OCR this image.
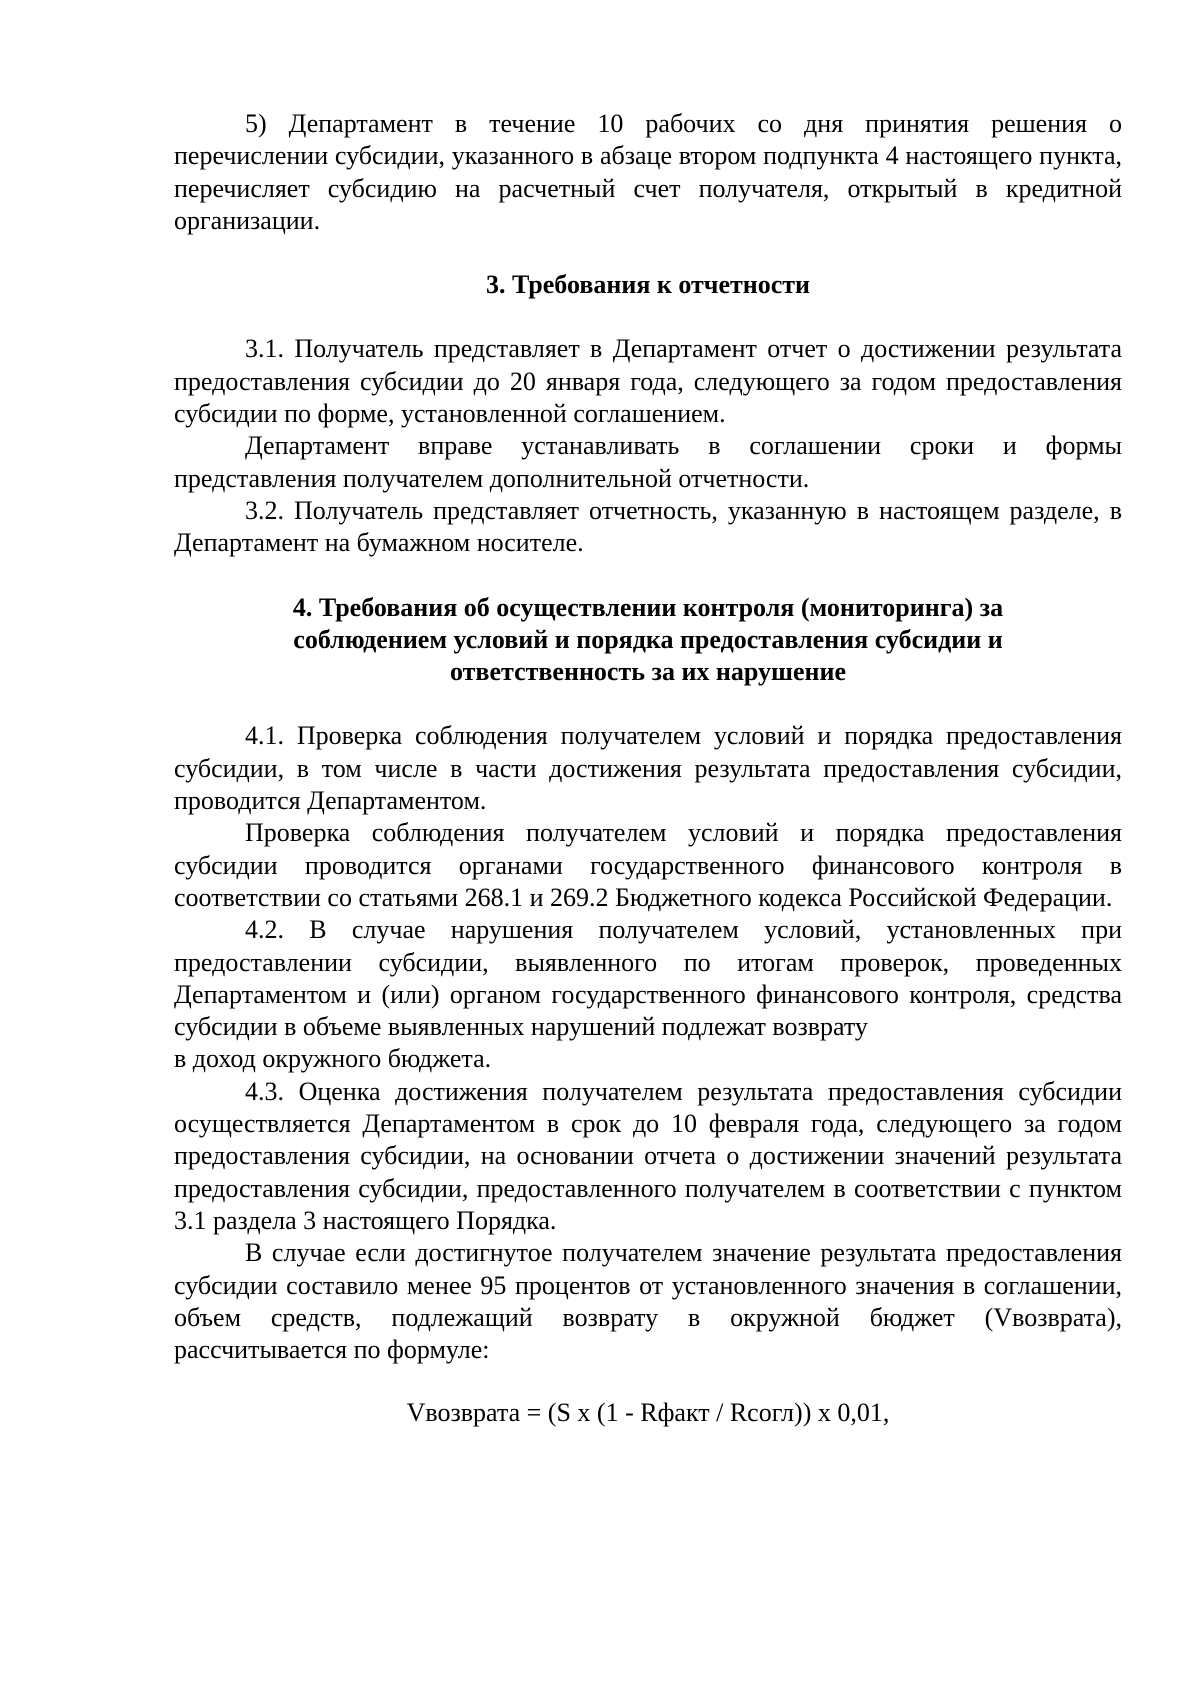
5) Департамент в течение 10 рабочих со дня принятия решения о перечислении субсидии, указанного в абзаце втором подпункта 4 настоящего пункта, перечисляет субсидию на расчетный счет получателя, открытый в кредитной организации.

3. Требования к отчетности

3.1. Получатель представляет в Департамент отчет о достижении результата предоставления субсидии до 20 января года, следующего за годом предоставления субсидии по форме, установленной соглашением.

Департамент вправе устанавливать в соглашении сроки и формы представления получателем дополнительной отчетности.

3.2. Получатель представляет отчетность, указанную в настоящем разделе, в Департамент на бумажном носителе.

4. Требования об осуществлении контроля (мониторинга) за

соблюдением условий и порядка предоставления субсидии и

ответственность за их нарушение

4.1. Проверка соблюдения получателем условий и порядка предоставления субсидии, в том числе в части достижения результата предоставления субсидии, проводится Департаментом.

Проверка соблюдения получателем условий и порядка предоставления субсидии проводится органами государственного финансового контроля в соответствии со статьями 268.1 и 269.2 Бюджетного кодекса Российской Федерации.

4.2. В случае нарушения получателем условий, установленных при предоставлении субсидии, выявленного по итогам проверок, проведенных Департаментом и (или) органом государственного финансового контроля, средства субсидии в объеме выявленных нарушений подлежат возврату

в доход окружного бюджета.

4.3. Оценка достижения получателем результата предоставления субсидии осуществляется Департаментом в срок до 10 февраля года, следующего за годом предоставления субсидии, на основании отчета о достижении значений результата предоставления субсидии, предоставленного получателем в соответствии с пунктом 3.1 раздела 3 настоящего Порядка.

В случае если достигнутое получателем значение результата предоставления субсидии составило менее 95 процентов от установленного значения в соглашении, объем средств, подлежащий возврату в окружной бюджет (Vвозврата), рассчитывается по формуле:

Vвозврата = (S x (1 - Rфакт / Rсогл)) x 0,01,
